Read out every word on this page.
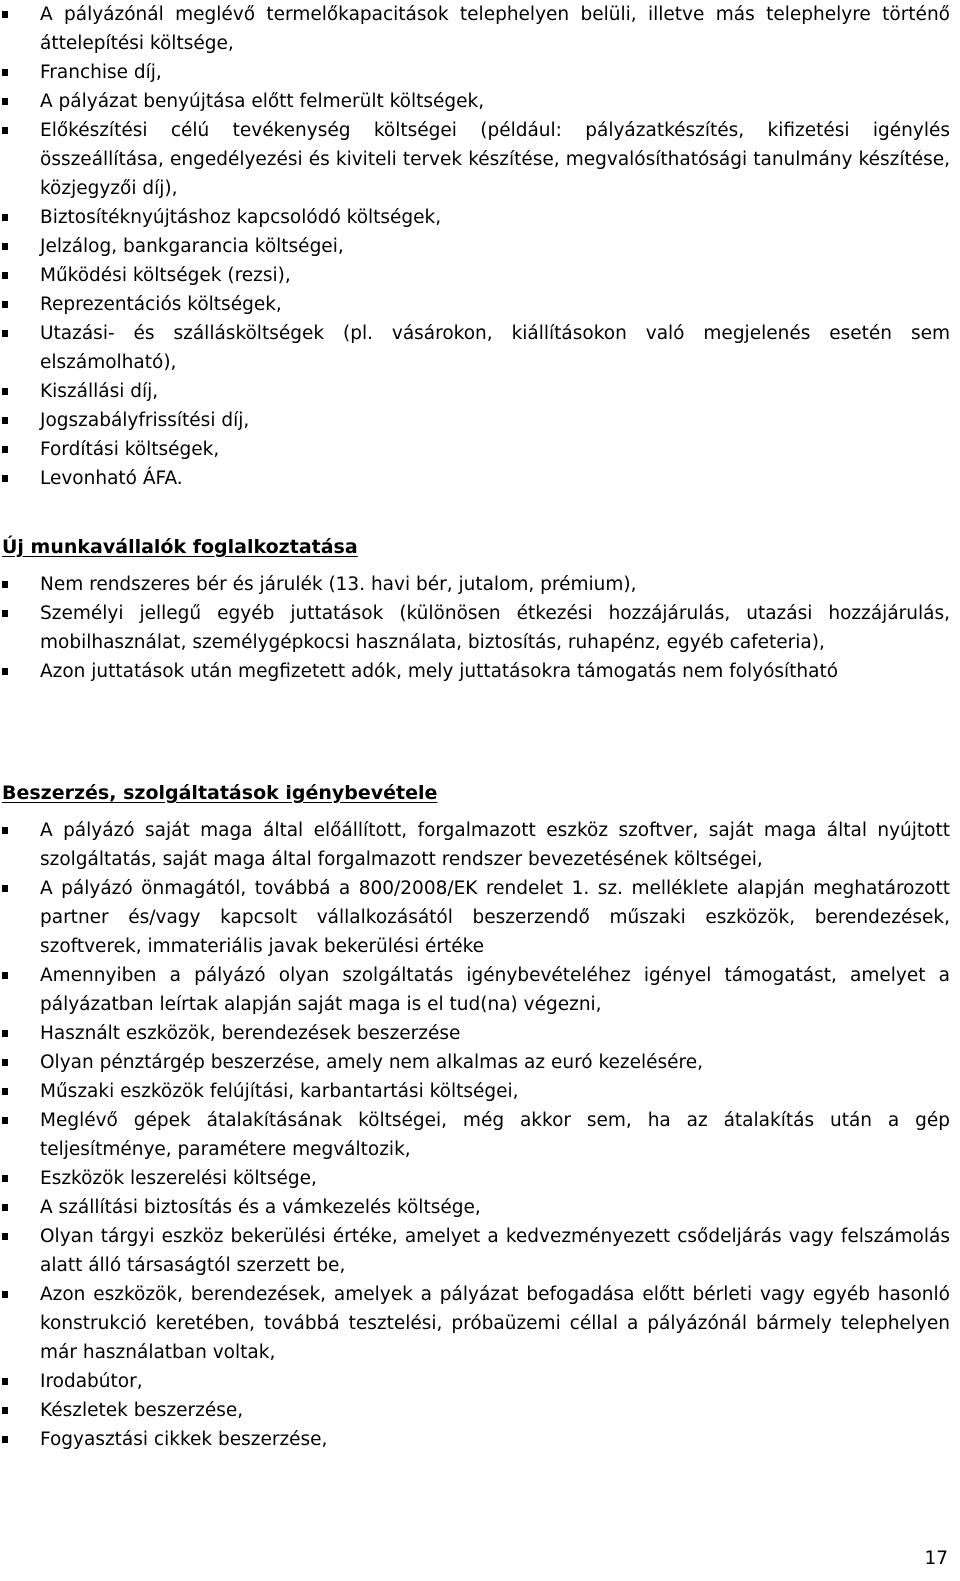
A pályázónál meglévő termelőkapacitások telephelyen belüli, illetve más telephelyre történő áttelepítési költsége,
Franchise díj,
A pályázat benyújtása előtt felmerült költségek,
Előkészítési célú tevékenység költségei (például: pályázatkészítés, kifizetési igénylés összeállítása, engedélyezési és kiviteli tervek készítése, megvalósíthatósági tanulmány készítése, közjegyzői díj),
Biztosítéknyújtáshoz kapcsolódó költségek,
Jelzálog, bankgarancia költségei,
Működési költségek (rezsi),
Reprezentációs költségek,
Utazási- és szállásköltségek (pl. vásárokon, kiállításokon való megjelenés esetén sem elszámolható),
Kiszállási díj,
Jogszabályfrissítési díj,
Fordítási költségek,
Levonható ÁFA.
Új munkavállalók foglalkoztatása
Nem rendszeres bér és járulék (13. havi bér, jutalom, prémium),
Személyi jellegű egyéb juttatások (különösen étkezési hozzájárulás, utazási hozzájárulás, mobilhasználat, személygépkocsi használata, biztosítás, ruhapénz, egyéb cafeteria),
Azon juttatások után megfizetett adók, mely juttatásokra támogatás nem folyósítható
Beszerzés, szolgáltatások igénybevétele
A pályázó saját maga által előállított, forgalmazott eszköz szoftver, saját maga által nyújtott szolgáltatás, saját maga által forgalmazott rendszer bevezetésének költségei,
A pályázó önmagától, továbbá a 800/2008/EK rendelet 1. sz. melléklete alapján meghatározott partner és/vagy kapcsolt vállalkozásától beszerzendő műszaki eszközök, berendezések, szoftverek, immateriális javak bekerülési értéke
Amennyiben a pályázó olyan szolgáltatás igénybevételéhez igényel támogatást, amelyet a pályázatban leírtak alapján saját maga is el tud(na) végezni,
Használt eszközök, berendezések beszerzése
Olyan pénztárgép beszerzése, amely nem alkalmas az euró kezelésére,
Műszaki eszközök felújítási, karbantartási költségei,
Meglévő gépek átalakításának költségei, még akkor sem, ha az átalakítás után a gép teljesítménye, paramétere megváltozik,
Eszközök leszerelési költsége,
A szállítási biztosítás és a vámkezelés költsége,
Olyan tárgyi eszköz bekerülési értéke, amelyet a kedvezményezett csődeljárás vagy felszámolás alatt álló társaságtól szerzett be,
Azon eszközök, berendezések, amelyek a pályázat befogadása előtt bérleti vagy egyéb hasonló konstrukció keretében, továbbá tesztelési, próbaüzemi céllal a pályázónál bármely telephelyen már használatban voltak,
Irodabútor,
Készletek beszerzése,
Fogyasztási cikkek beszerzése,
17
